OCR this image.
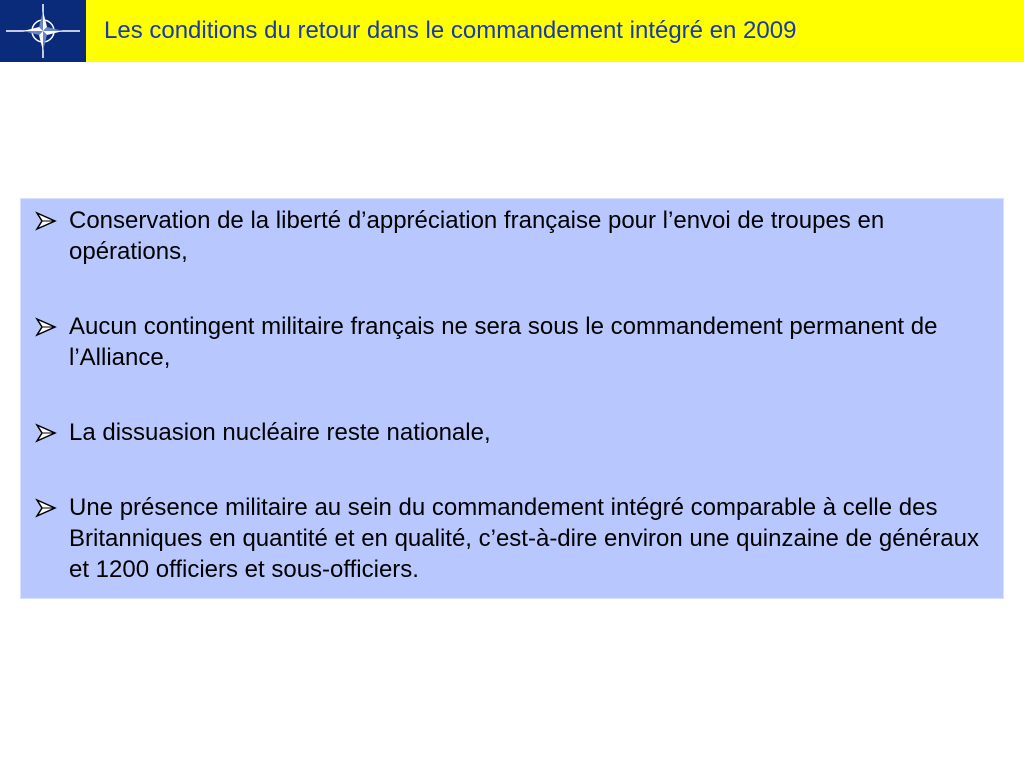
Les conditions du retour dans le commandement intégré en 2009
Conservation de la liberté d’appréciation française pour l’envoi de troupes en opérations,
Aucun contingent militaire français ne sera sous le commandement permanent de l’Alliance,
La dissuasion nucléaire reste nationale,
Une présence militaire au sein du commandement intégré comparable à celle des Britanniques en quantité et en qualité, c’est-à-dire environ une quinzaine de généraux et 1200 officiers et sous-officiers.
